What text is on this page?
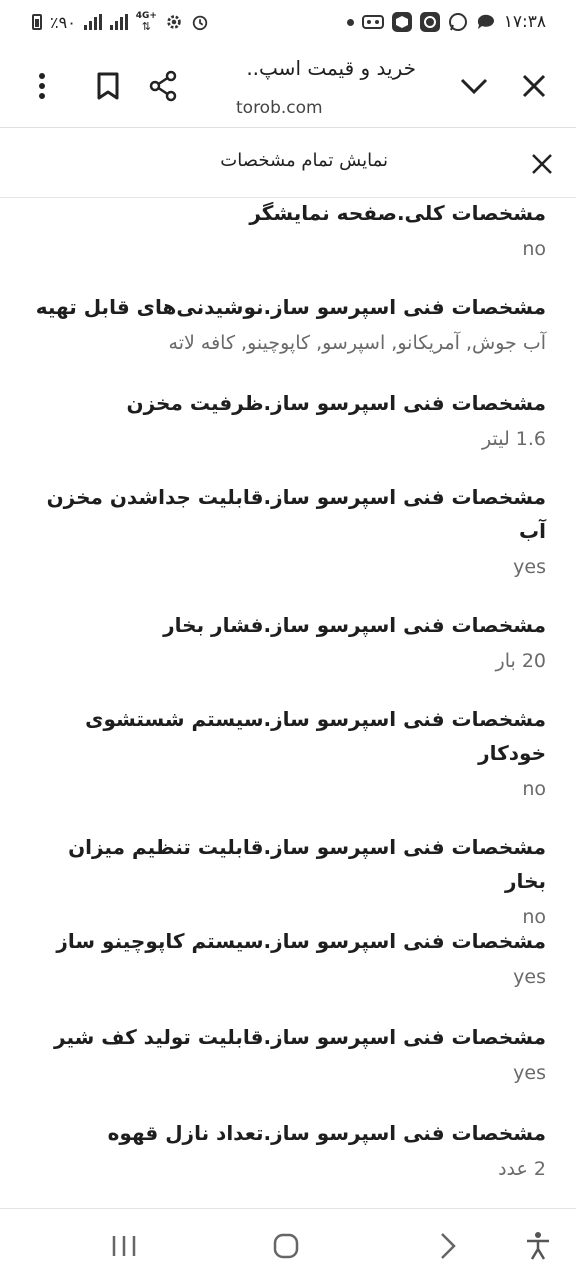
٪۹۰	4G+
⇅	۱۷:۳۸
خرید و قیمت اسپ..
torob.com
نمایش تمام مشخصات
مشخصات کلی.صفحه نمایشگر
no
مشخصات فنی اسپرسو ساز.نوشیدنی‌های قابل تهیه
آب جوش, آمریکانو, اسپرسو, کاپوچینو, کافه لاته
مشخصات فنی اسپرسو ساز.ظرفیت مخزن
1.6 لیتر
مشخصات فنی اسپرسو ساز.قابلیت جداشدن مخزن آب
yes
مشخصات فنی اسپرسو ساز.فشار بخار
20 بار
مشخصات فنی اسپرسو ساز.سیستم شستشوی خودکار
no
مشخصات فنی اسپرسو ساز.قابلیت تنظیم میزان بخار
no
مشخصات فنی اسپرسو ساز.سیستم کاپوچینو ساز
yes
مشخصات فنی اسپرسو ساز.قابلیت تولید کف شیر
yes
مشخصات فنی اسپرسو ساز.تعداد نازل قهوه
2 عدد
